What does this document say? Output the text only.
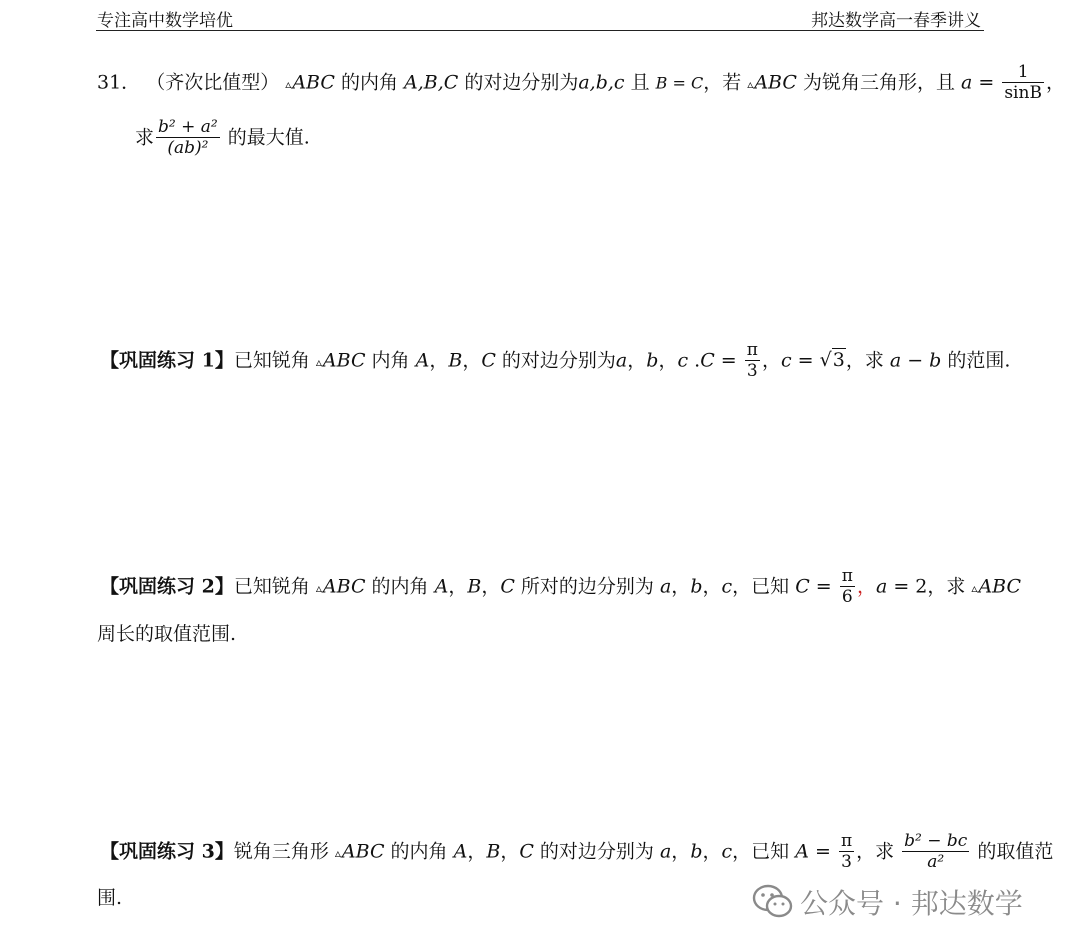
专注高中数学培优	邦达数学高一春季讲义
31． （齐次比值型） ▵ABC 的内角 A,B,C 的对边分别为a,b,c 且 B = C，若 ▵ABC 为锐角三角形，且 $a = \frac{1}{\sin B}$ ，
求 $\frac{\text{b² + a²}}{\text{(ab)²}}$ 的最大值.
【巩固练习 1】已知锐角 ▵ABC 内角 A，B，C 的对边分别为a，b，c $.C = \frac{\pi}{3}$ ，c = √3，求 a − b 的范围.
【巩固练习 2】已知锐角 ▵ABC 的内角 A，B，C 所对的边分别为 a，b，c，已知 $C = \frac{\pi}{6}$ ，a = 2，求 ▵ABC
周长的取值范围.
【巩固练习 3】锐角三角形 ▵ABC 的内角 A，B，C 的对边分别为 a，b，c，已知 $A = \frac{\pi}{3}$ ，求 $\frac{\text{b² − bc}}{\text{a²}}$ 的取值范
围.	公众号 · 邦达数学
